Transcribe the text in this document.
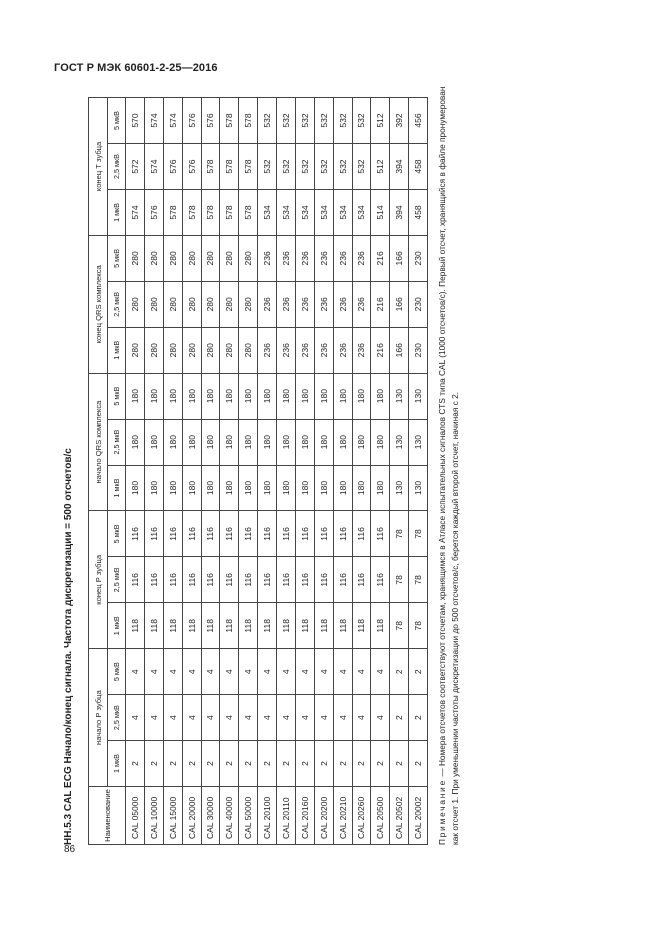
ГОСТ Р МЭК 60601-2-25—2016
НН.5.3 CAL ECG Начало/конец сигнала. Частота дискретизации = 500 отсчетов/с	Наименование	начало Р зубца			конец Р зубца			начало QRS комплекса			конец QRS комплекса			конец Т зубца		
	1 мкВ	2,5 мкВ	5 мкВ	1 мкВ	2,5 мкВ	5 мкВ	1 мкВ	2,5 мкВ	5 мкВ	1 мкВ	2,5 мкВ	5 мкВ	1 мкВ	2,5 мкВ	5 мкВ
CAL 05000	2	4	4	118	116	116	180	180	180	280	280	280	574	572	570
CAL 10000	2	4	4	118	116	116	180	180	180	280	280	280	576	574	574
CAL 15000	2	4	4	118	116	116	180	180	180	280	280	280	578	576	574
CAL 20000	2	4	4	118	116	116	180	180	180	280	280	280	578	576	576
CAL 30000	2	4	4	118	116	116	180	180	180	280	280	280	578	578	576
CAL 40000	2	4	4	118	116	116	180	180	180	280	280	280	578	578	578
CAL 50000	2	4	4	118	116	116	180	180	180	280	280	280	578	578	578
CAL 20100	2	4	4	118	116	116	180	180	180	236	236	236	534	532	532
CAL 20110	2	4	4	118	116	116	180	180	180	236	236	236	534	532	532
CAL 20160	2	4	4	118	116	116	180	180	180	236	236	236	534	532	532
CAL 20200	2	4	4	118	116	116	180	180	180	236	236	236	534	532	532
CAL 20210	2	4	4	118	116	116	180	180	180	236	236	236	534	532	532
CAL 20260	2	4	4	118	116	116	180	180	180	236	236	236	534	532	532
CAL 20500	2	4	4	118	116	116	180	180	180	216	216	216	514	512	512
CAL 20502	2	2	2	78	78	78	130	130	130	166	166	166	394	394	392
CAL 20002	2	2	2	78	78	78	130	130	130	230	230	230	458	458	456
Примечание — Номера отсчетов соответствуют отсчетам, хранящимся в Атласе испытательных сигналов CTS типа CAL (1000 отсчетов/с). Первый отсчет, хранящийся в файле пронумерован как отсчет 1. При уменьшении частоты дискретизации до 500 отсчетов/с, берется каждый второй отсчет, начиная с 2.
86
